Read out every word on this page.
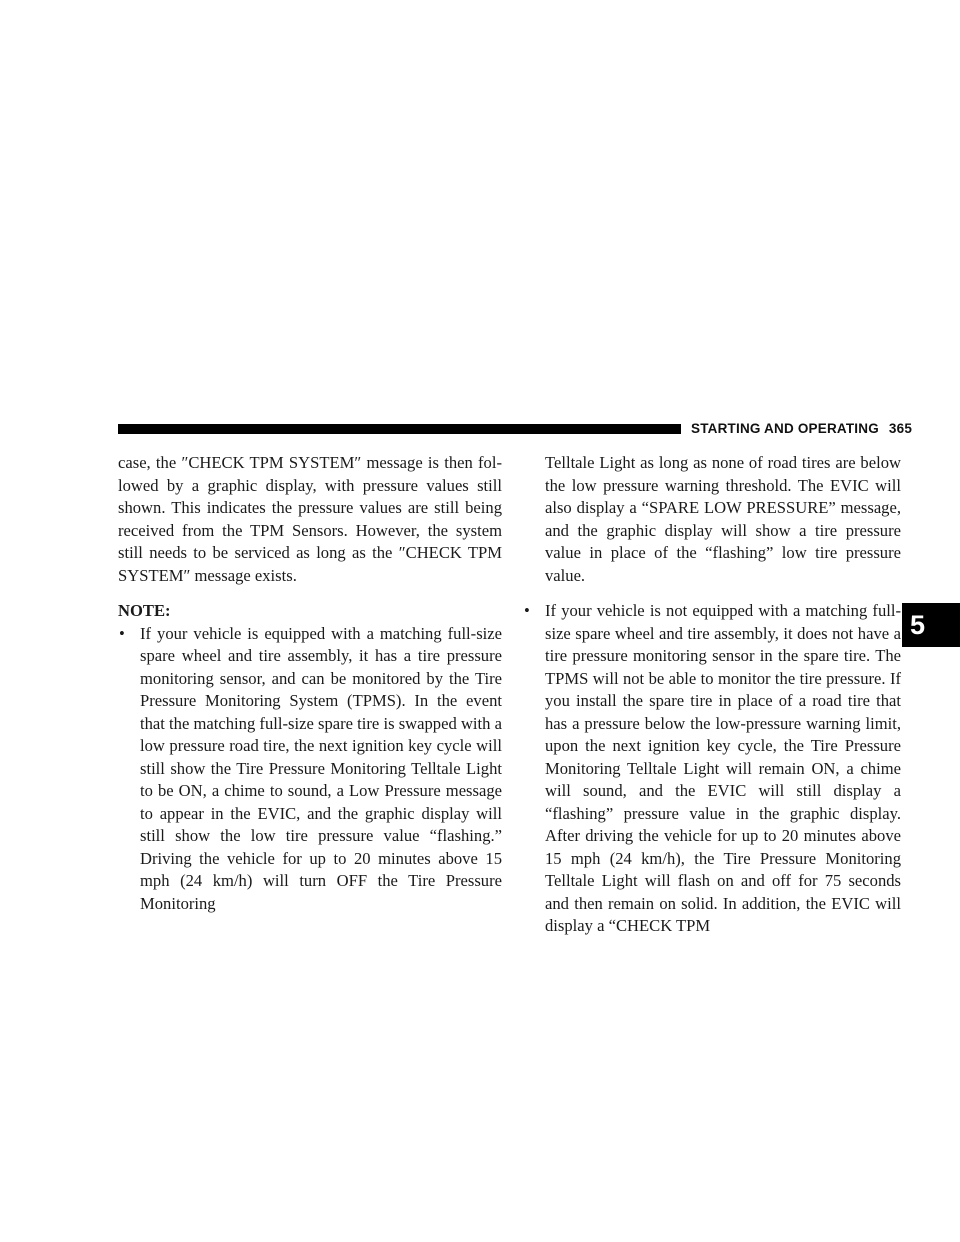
STARTING AND OPERATING 365
5

case, the ″CHECK TPM SYSTEM″ message is then fol-lowed by a graphic display, with pressure values still shown. This indicates the pressure values are still being received from the TPM Sensors. However, the system still needs to be serviced as long as the ″CHECK TPM SYSTEM″ message exists.

NOTE:

• If your vehicle is equipped with a matching full-size spare wheel and tire assembly, it has a tire pressure monitoring sensor, and can be monitored by the Tire Pressure Monitoring System (TPMS). In the event that the matching full-size spare tire is swapped with a low pressure road tire, the next ignition key cycle will still show the Tire Pressure Monitoring Telltale Light to be ON, a chime to sound, a Low Pressure message to appear in the EVIC, and the graphic display will still show the low tire pressure value “flashing.” Driving the vehicle for up to 20 minutes above 15 mph (24 km/h) will turn OFF the Tire Pressure Monitoring

Telltale Light as long as none of road tires are below the low pressure warning threshold. The EVIC will also display a “SPARE LOW PRESSURE” message, and the graphic display will show a tire pressure value in place of the “flashing” low tire pressure value.

• If your vehicle is not equipped with a matching full-size spare wheel and tire assembly, it does not have a tire pressure monitoring sensor in the spare tire. The TPMS will not be able to monitor the tire pressure. If you install the spare tire in place of a road tire that has a pressure below the low-pressure warning limit, upon the next ignition key cycle, the Tire Pressure Monitoring Telltale Light will remain ON, a chime will sound, and the EVIC will still display a “flashing” pressure value in the graphic display. After driving the vehicle for up to 20 minutes above 15 mph (24 km/h), the Tire Pressure Monitoring Telltale Light will flash on and off for 75 seconds and then remain on solid. In addition, the EVIC will display a “CHECK TPM
